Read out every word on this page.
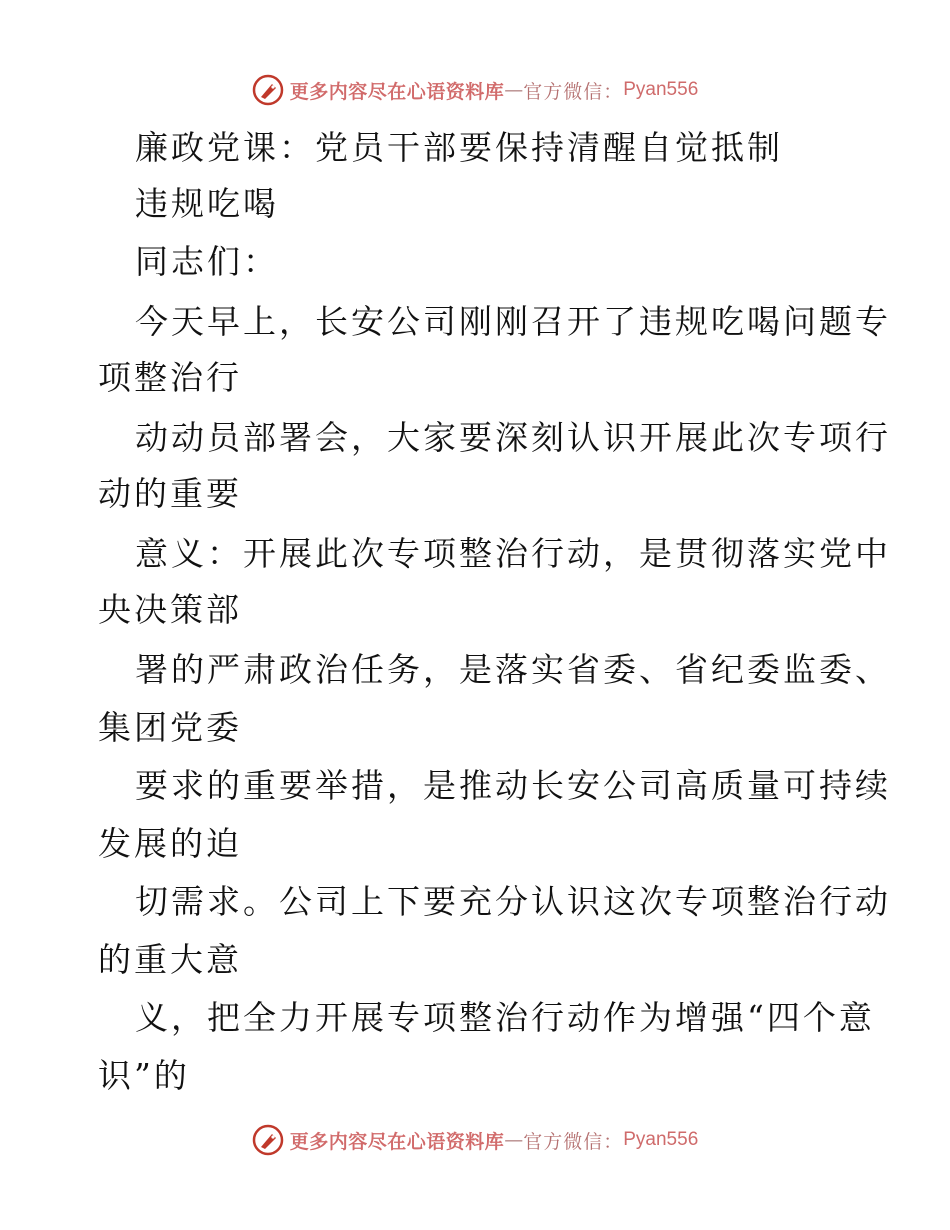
更多内容尽在心语资料库 — 官方微信： Pyan556
廉政党课：党员干部要保持清醒自觉抵制
违规吃喝
同志们：
今天早上，长安公司刚刚召开了违规吃喝问题专
项整治行
动动员部署会，大家要深刻认识开展此次专项行
动的重要
意义：开展此次专项整治行动，是贯彻落实党中
央决策部
署的严肃政治任务，是落实省委、省纪委监委、
集团党委
要求的重要举措，是推动长安公司高质量可持续
发展的迫
切需求。公司上下要充分认识这次专项整治行动
的重大意
义，把全力开展专项整治行动作为增强“四个意
识”的
更多内容尽在心语资料库 — 官方微信： Pyan556
